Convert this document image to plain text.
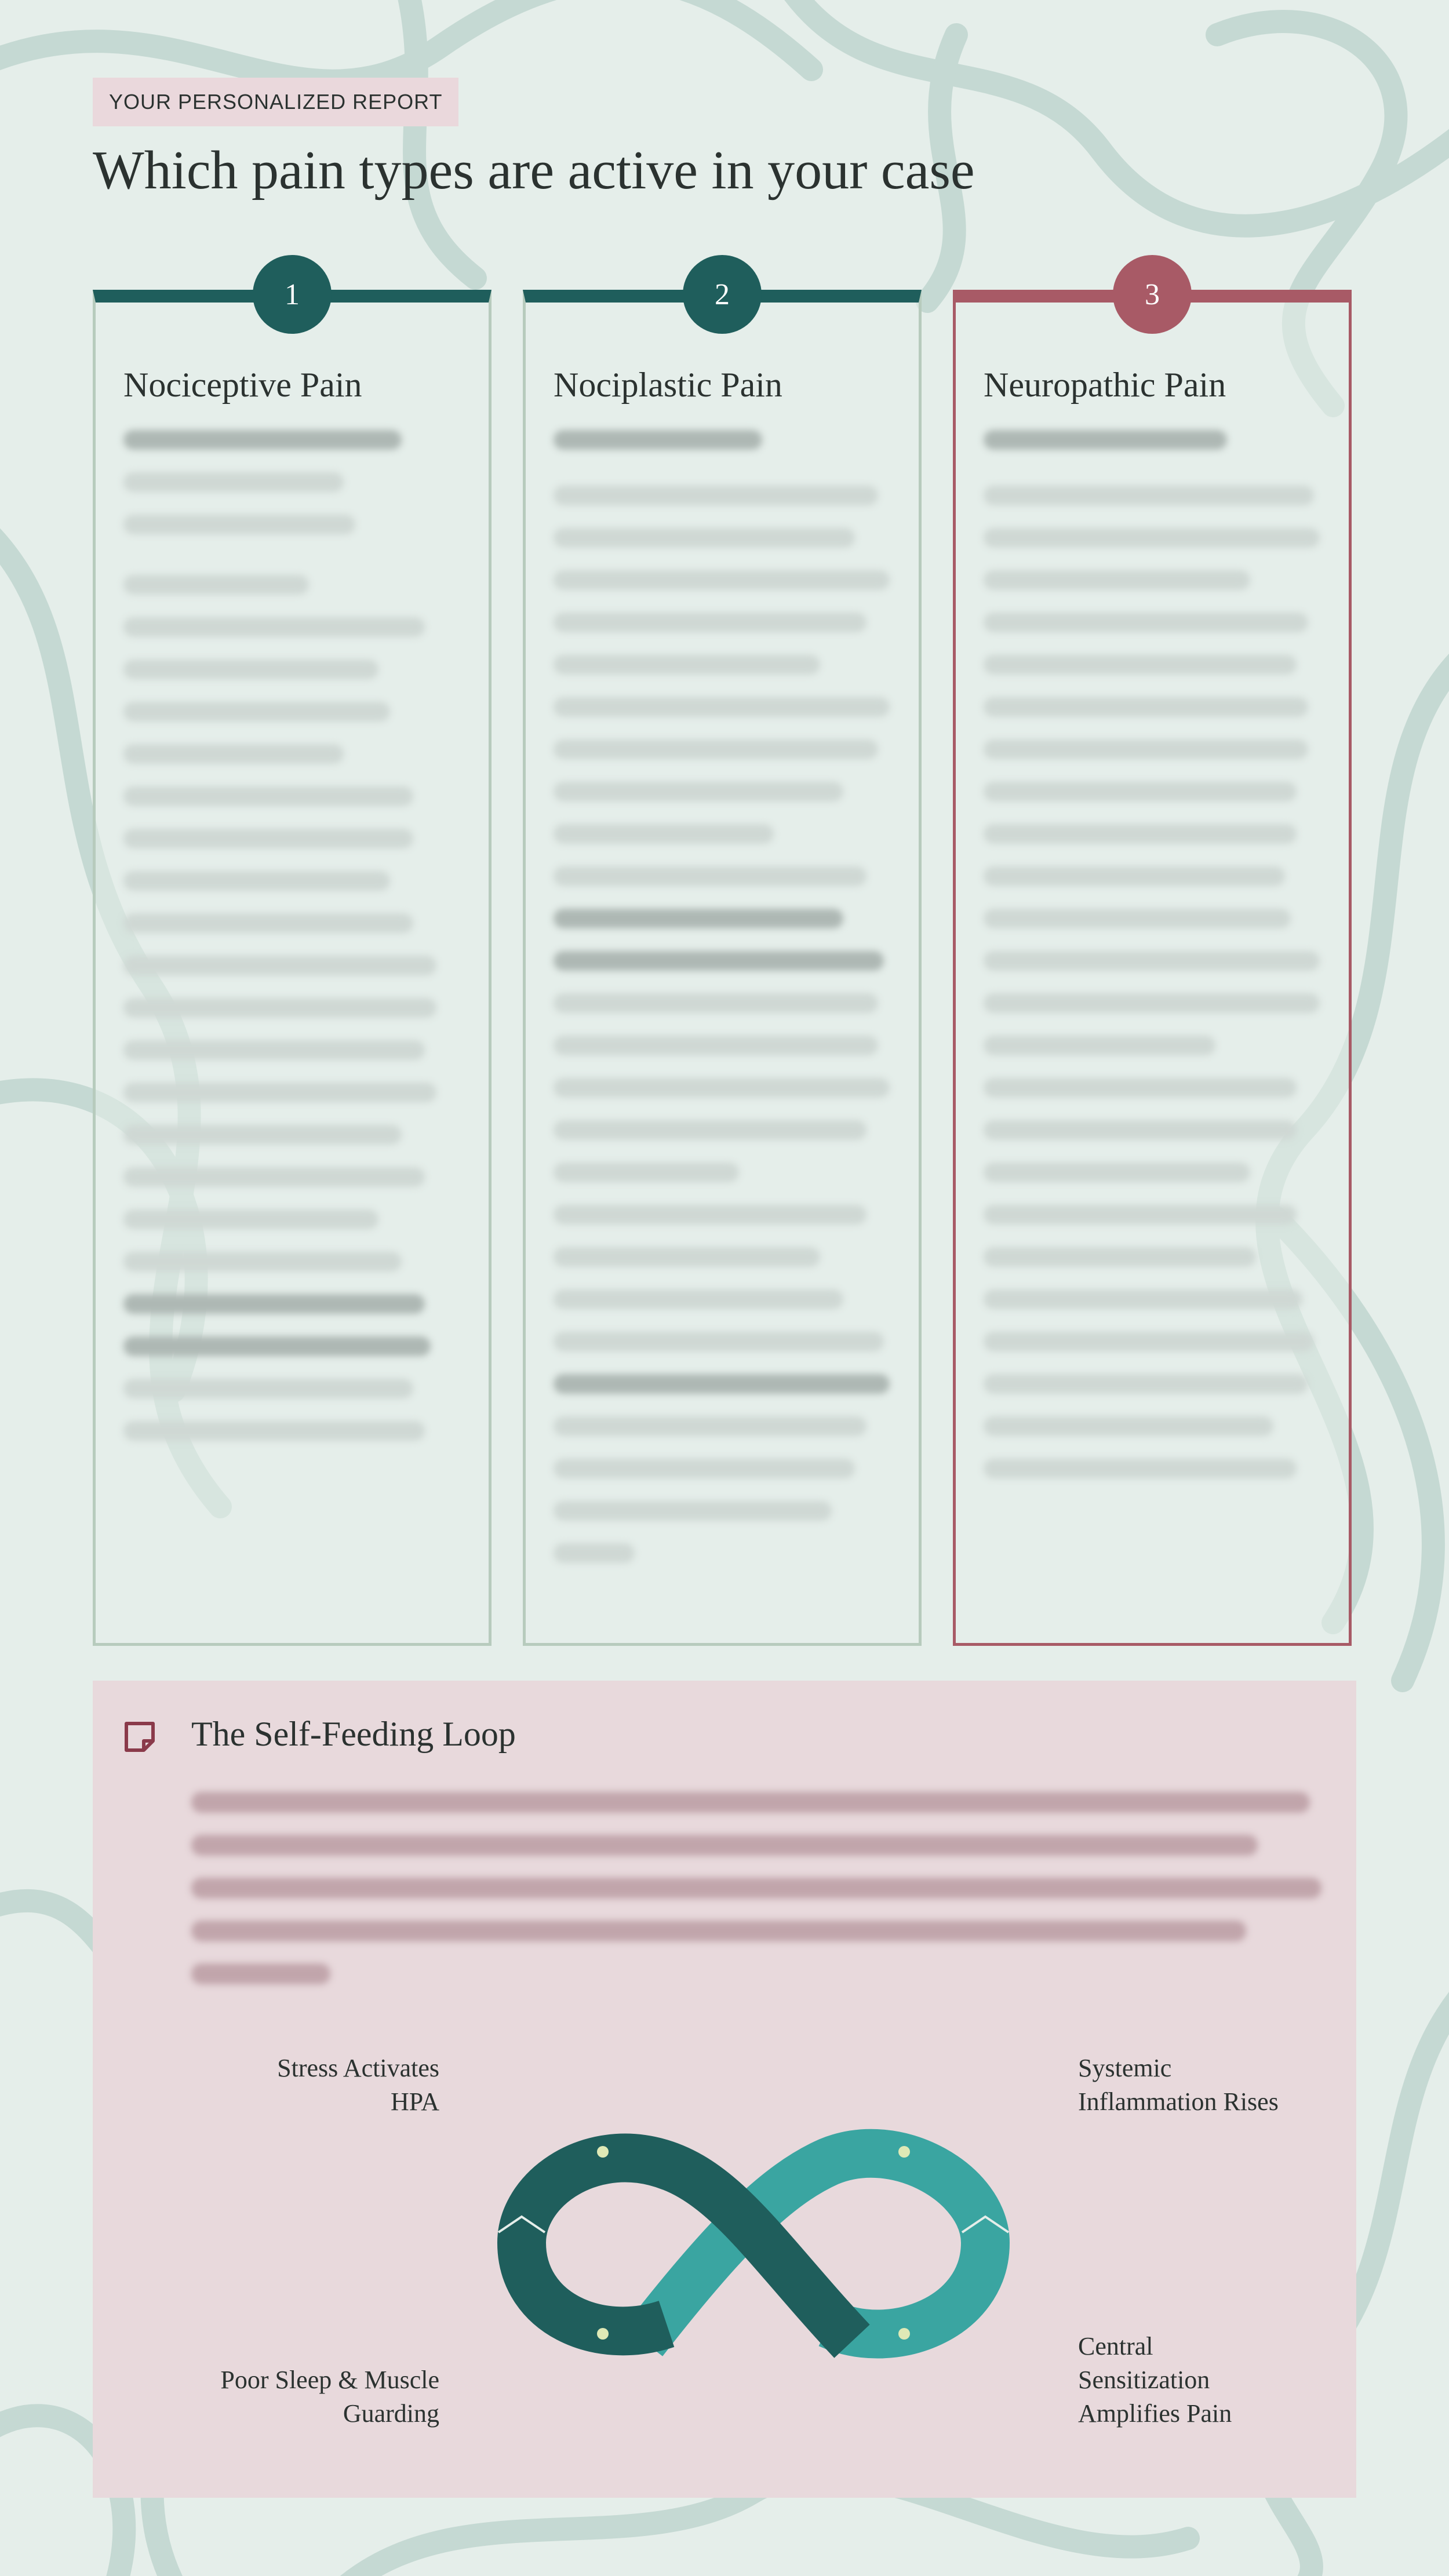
YOUR PERSONALIZED REPORT
Which pain types are active in your case
1
Nociceptive Pain
2
Nociplastic Pain
3
Neuropathic Pain
The Self-Feeding Loop
Stress Activates HPA
Poor Sleep & Muscle Guarding
Systemic Inflammation Rises
Central Sensitization Amplifies Pain
